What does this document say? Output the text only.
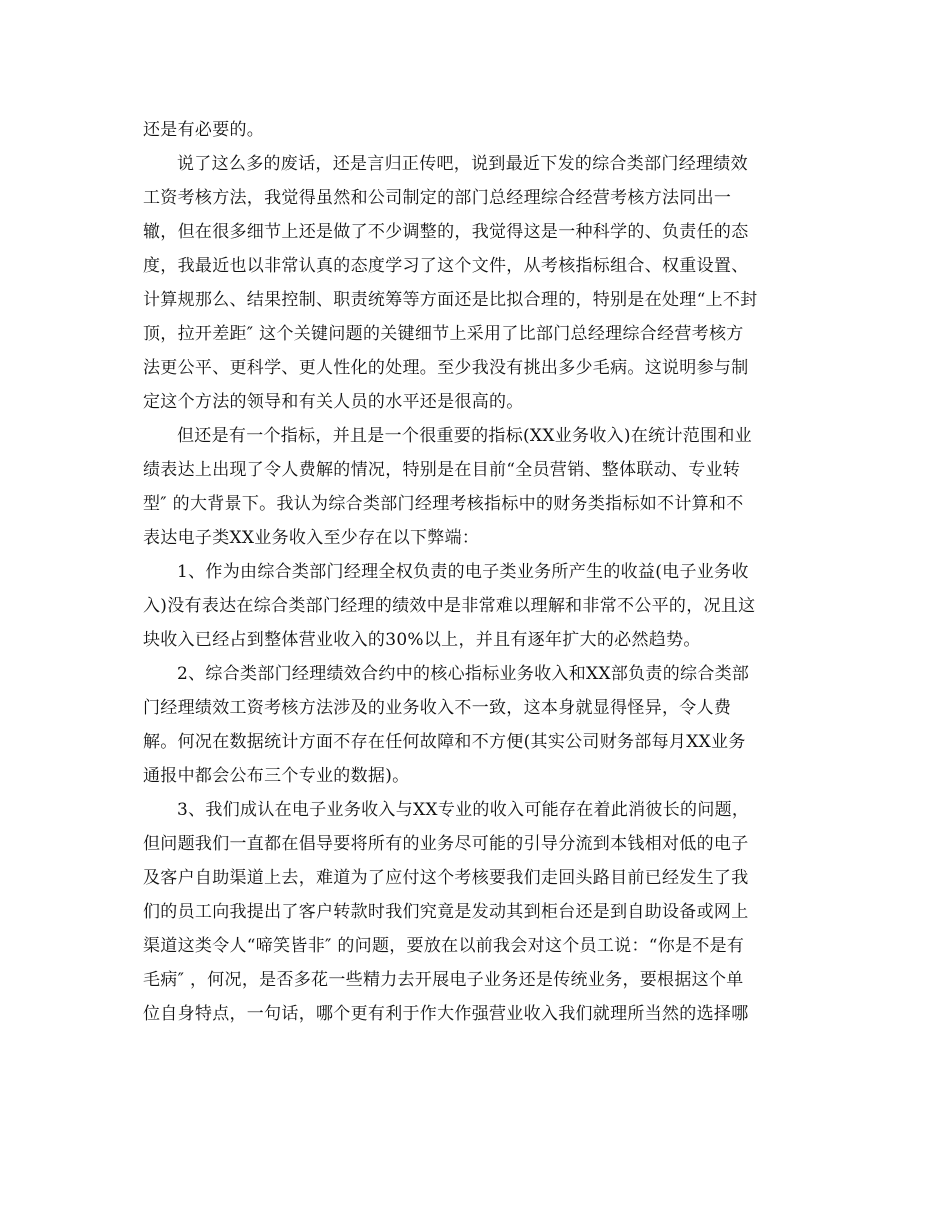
还是有必要的。
说了这么多的废话，还是言归正传吧，说到最近下发的综合类部门经理绩效
工资考核方法，我觉得虽然和公司制定的部门总经理综合经营考核方法同出一
辙，但在很多细节上还是做了不少调整的，我觉得这是一种科学的、负责任的态
度，我最近也以非常认真的态度学习了这个文件，从考核指标组合、权重设置、
计算规那么、结果控制、职责统筹等方面还是比拟合理的，特别是在处理“上不封
顶，拉开差距″ 这个关键问题的关键细节上采用了比部门总经理综合经营考核方
法更公平、更科学、更人性化的处理。至少我没有挑出多少毛病。这说明参与制
定这个方法的领导和有关人员的水平还是很高的。
但还是有一个指标，并且是一个很重要的指标(XX业务收入)在统计范围和业
绩表达上出现了令人费解的情况，特别是在目前“全员营销、整体联动、专业转
型″ 的大背景下。我认为综合类部门经理考核指标中的财务类指标如不计算和不
表达电子类XX业务收入至少存在以下弊端：
1、作为由综合类部门经理全权负责的电子类业务所产生的收益(电子业务收
入)没有表达在综合类部门经理的绩效中是非常难以理解和非常不公平的，况且这
块收入已经占到整体营业收入的30%以上，并且有逐年扩大的必然趋势。
2、综合类部门经理绩效合约中的核心指标业务收入和XX部负责的综合类部
门经理绩效工资考核方法涉及的业务收入不一致，这本身就显得怪异，令人费
解。何况在数据统计方面不存在任何故障和不方便(其实公司财务部每月XX业务
通报中都会公布三个专业的数据)。
3、我们成认在电子业务收入与XX专业的收入可能存在着此消彼长的问题，
但问题我们一直都在倡导要将所有的业务尽可能的引导分流到本钱相对低的电子
及客户自助渠道上去，难道为了应付这个考核要我们走回头路目前已经发生了我
们的员工向我提出了客户转款时我们究竟是发动其到柜台还是到自助设备或网上
渠道这类令人“啼笑皆非″ 的问题，要放在以前我会对这个员工说：“你是不是有
毛病″ ，何况，是否多花一些精力去开展电子业务还是传统业务，要根据这个单
位自身特点，一句话，哪个更有利于作大作强营业收入我们就理所当然的选择哪
